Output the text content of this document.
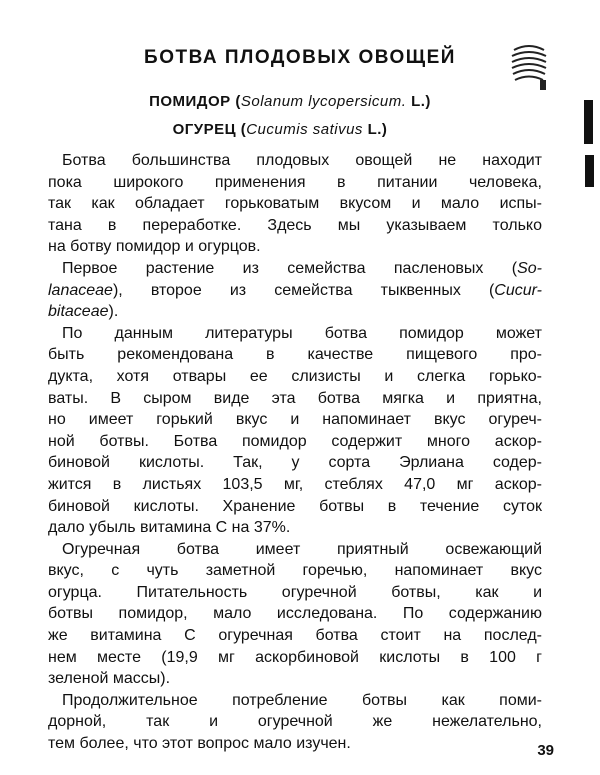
БОТВА ПЛОДОВЫХ ОВОЩЕЙ
ПОМИДОР (Solanum lycopersicum. L.)
ОГУРЕЦ (Cucumis sativus L.)
Ботва большинства плодовых овощей не находит
пока широкого применения в питании человека,
так как обладает горьковатым вкусом и мало испы-
тана в переработке. Здесь мы указываем только
на ботву помидор и огурцов.
Первое растение из семейства пасленовых (So-
lanaceae), второе из семейства тыквенных (Cucur-
bitaceae).
По данным литературы ботва помидор может
быть рекомендована в качестве пищевого про-
дукта, хотя отвары ее слизисты и слегка горько-
ваты. В сыром виде эта ботва мягка и приятна,
но имеет горький вкус и напоминает вкус огуреч-
ной ботвы. Ботва помидор содержит много аскор-
биновой кислоты. Так, у сорта Эрлиана содер-
жится в листьях 103,5 мг, стеблях 47,0 мг аскор-
биновой кислоты. Хранение ботвы в течение суток
дало убыль витамина С на 37%.
Огуречная ботва имеет приятный освежающий
вкус, с чуть заметной горечью, напоминает вкус
огурца. Питательность огуречной ботвы, как и
ботвы помидор, мало исследована. По содержанию
же витамина С огуречная ботва стоит на послед-
нем месте (19,9 мг аскорбиновой кислоты в 100 г
зеленой массы).
Продолжительное потребление ботвы как поми-
дорной, так и огуречной же нежелательно,
тем более, что этот вопрос мало изучен.	39
